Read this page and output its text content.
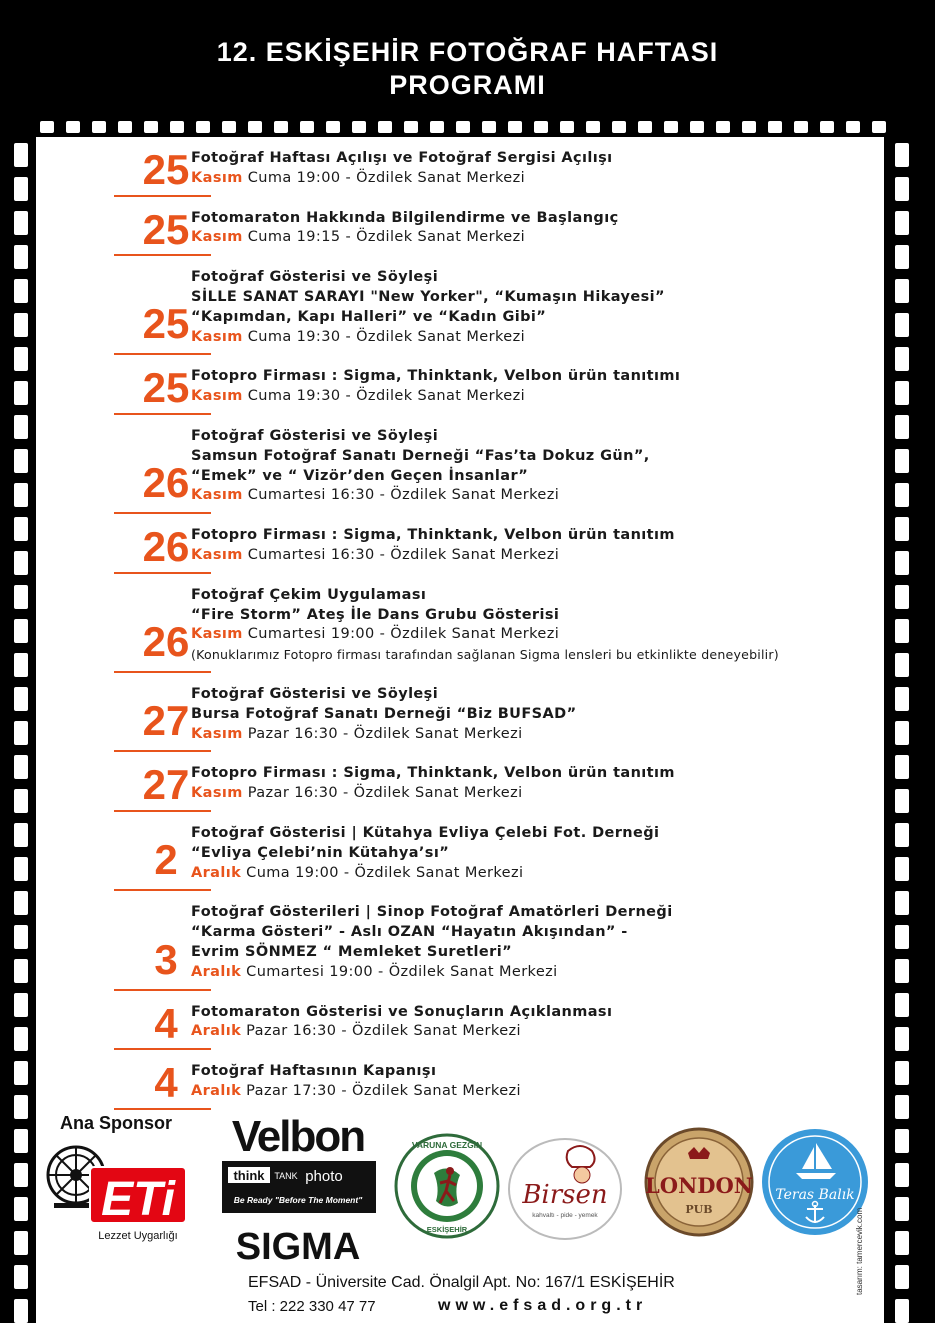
12. ESKİŞEHİR FOTOĞRAF HAFTASI
PROGRAMI
25 Fotoğraf Haftası Açılışı ve Fotoğraf Sergisi Açılışı
Kasım Cuma 19:00 - Özdilek Sanat Merkezi
25 Fotomaraton Hakkında Bilgilendirme ve Başlangıç
Kasım Cuma 19:15 - Özdilek Sanat Merkezi
25
Fotoğraf Gösterisi ve Söyleşi
SİLLE SANAT SARAYI "New Yorker", “Kumaşın Hikayesi”
“Kapımdan, Kapı Halleri” ve “Kadın Gibi”
Kasım Cuma 19:30 - Özdilek Sanat Merkezi
25 Fotopro Firması : Sigma, Thinktank, Velbon ürün tanıtımı
Kasım Cuma 19:30 - Özdilek Sanat Merkezi
26
Fotoğraf Gösterisi ve Söyleşi
Samsun Fotoğraf Sanatı Derneği “Fas’ta Dokuz Gün”,
“Emek” ve “ Vizör’den Geçen İnsanlar”
Kasım Cumartesi 16:30 - Özdilek Sanat Merkezi
26 Fotopro Firması : Sigma, Thinktank, Velbon ürün tanıtım
Kasım Cumartesi 16:30 - Özdilek Sanat Merkezi
26
Fotoğraf Çekim Uygulaması
“Fire Storm” Ateş İle Dans Grubu Gösterisi
Kasım Cumartesi 19:00 - Özdilek Sanat Merkezi
(Konuklarımız Fotopro firması tarafından sağlanan Sigma lensleri bu etkinlikte deneyebilir)
27
Fotoğraf Gösterisi ve Söyleşi
Bursa Fotoğraf Sanatı Derneği “Biz BUFSAD”
Kasım Pazar 16:30 - Özdilek Sanat Merkezi
27 Fotopro Firması : Sigma, Thinktank, Velbon ürün tanıtım
Kasım Pazar 16:30 - Özdilek Sanat Merkezi
2
Fotoğraf Gösterisi | Kütahya Evliya Çelebi Fot. Derneği
“Evliya Çelebi’nin Kütahya’sı”
Aralık Cuma 19:00 - Özdilek Sanat Merkezi
3
Fotoğraf Gösterileri | Sinop Fotoğraf Amatörleri Derneği
“Karma Gösteri” - Aslı OZAN “Hayatın Akışından” -
Evrim SÖNMEZ “ Memleket Suretleri”
Aralık Cumartesi 19:00 - Özdilek Sanat Merkezi
4 Fotomaraton Gösterisi ve Sonuçların Açıklanması
Aralık Pazar 16:30 - Özdilek Sanat Merkezi
4 Fotoğraf Haftasının Kapanışı
Aralık Pazar 17:30 - Özdilek Sanat Merkezi
Ana Sponsor
ETi
Lezzet Uygarlığı
Velbon
think TANK photo
Be Ready "Before The Moment"
SIGMA
VARUNA GEZGİN
ESKİŞEHİR
Birsen
kahvaltı - pide - yemek
LONDON
PUB
Teras Balık
EFSAD - Üniversite Cad. Önalgil Apt. No: 167/1 ESKİŞEHİR
Tel : 222 330 47 77	www.efsad.org.tr
tasarım: tamercevik.com
